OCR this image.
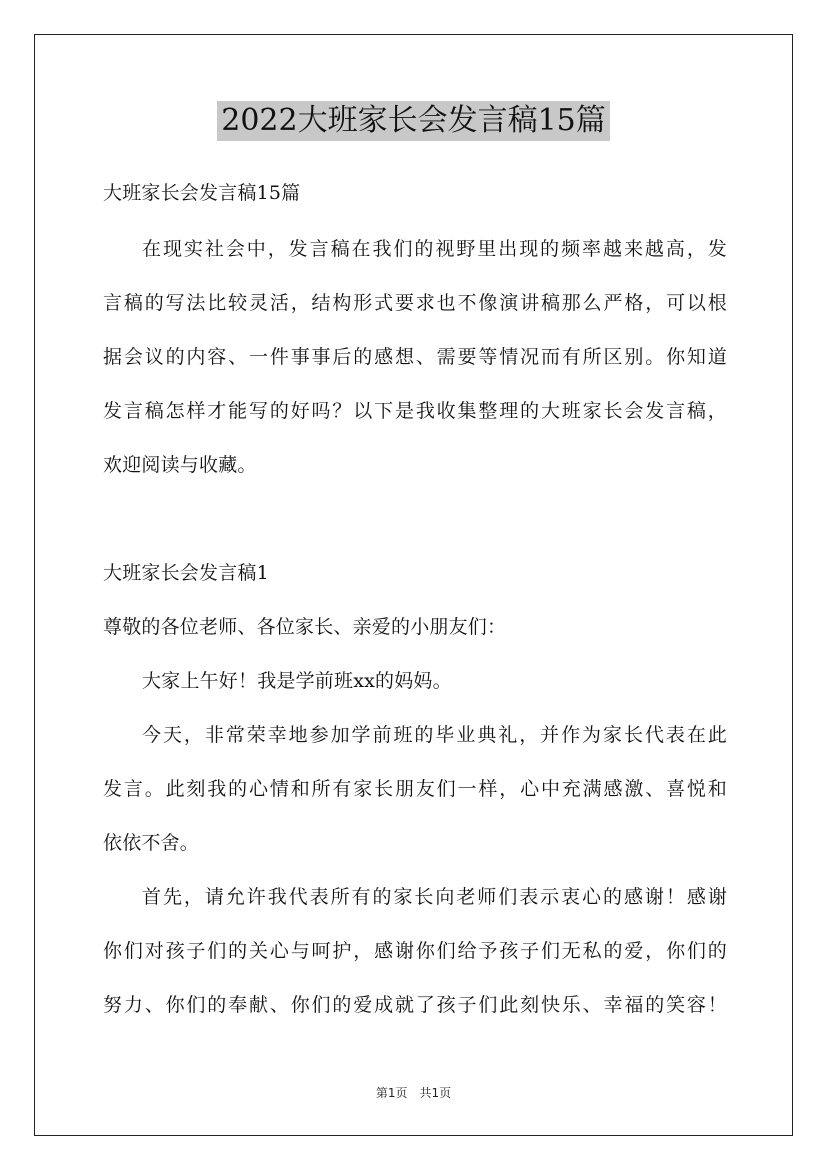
2022大班家长会发言稿15篇
大班家长会发言稿15篇
在现实社会中，发言稿在我们的视野里出现的频率越来越高，发
言稿的写法比较灵活，结构形式要求也不像演讲稿那么严格，可以根
据会议的内容、一件事事后的感想、需要等情况而有所区别。你知道
发言稿怎样才能写的好吗？以下是我收集整理的大班家长会发言稿，
欢迎阅读与收藏。
大班家长会发言稿1
尊敬的各位老师、各位家长、亲爱的小朋友们：
大家上午好！我是学前班xx的妈妈。
今天，非常荣幸地参加学前班的毕业典礼，并作为家长代表在此
发言。此刻我的心情和所有家长朋友们一样，心中充满感激、喜悦和
依依不舍。
首先，请允许我代表所有的家长向老师们表示衷心的感谢！感谢
你们对孩子们的关心与呵护，感谢你们给予孩子们无私的爱，你们的
努力、你们的奉献、你们的爱成就了孩子们此刻快乐、幸福的笑容！
第1页　共1页
